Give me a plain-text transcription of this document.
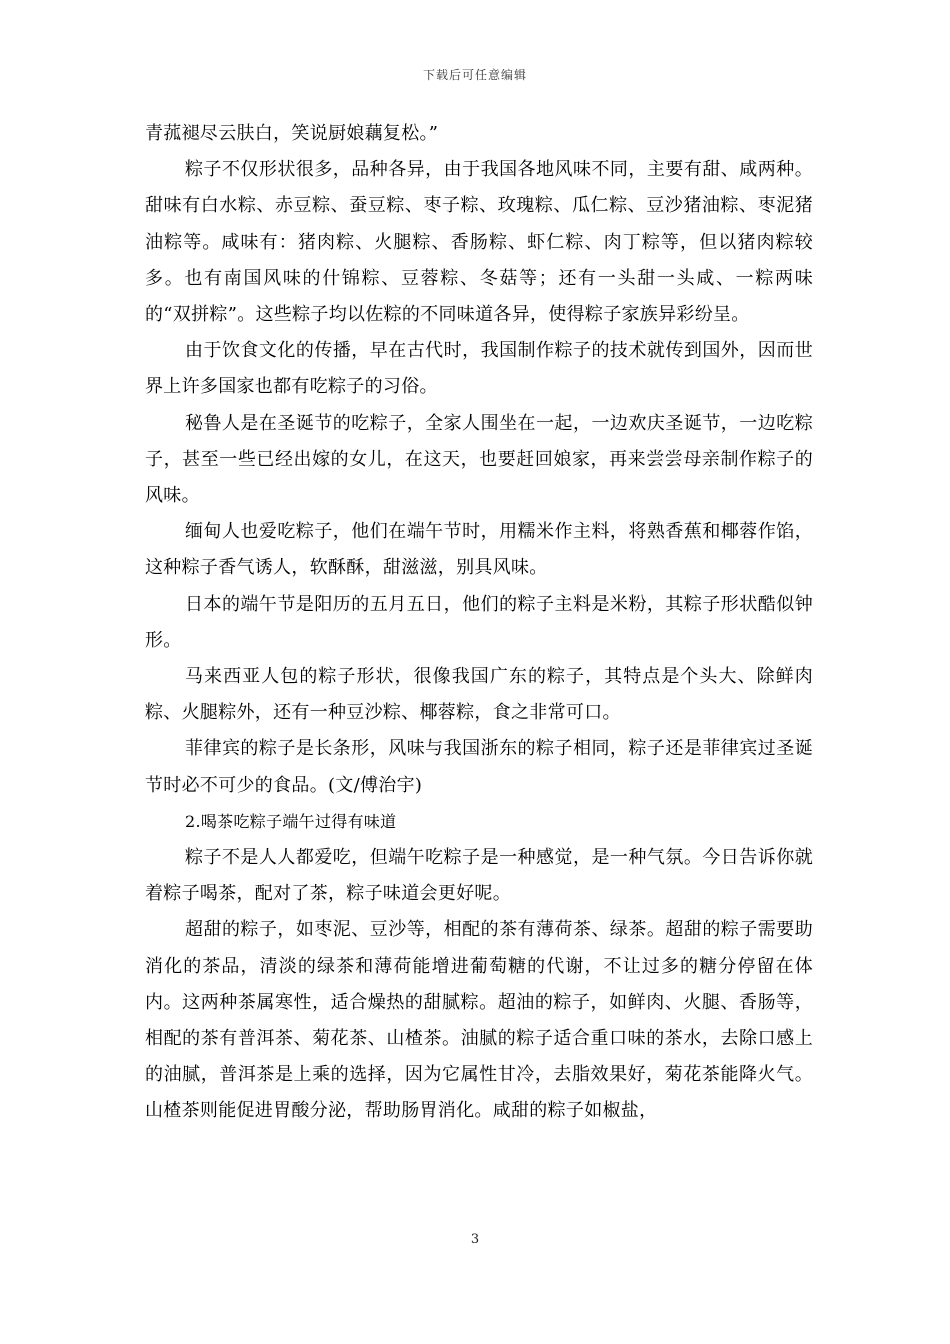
下载后可任意编辑

青菰褪尽云肤白，笑说厨娘藕复松。”

粽子不仅形状很多，品种各异，由于我国各地风味不同，主要有甜、咸两种。甜味有白水粽、赤豆粽、蚕豆粽、枣子粽、玫瑰粽、瓜仁粽、豆沙猪油粽、枣泥猪油粽等。咸味有：猪肉粽、火腿粽、香肠粽、虾仁粽、肉丁粽等，但以猪肉粽较多。也有南国风味的什锦粽、豆蓉粽、冬菇等；还有一头甜一头咸、一粽两味的“双拼粽”。这些粽子均以佐粽的不同味道各异，使得粽子家族异彩纷呈。

由于饮食文化的传播，早在古代时，我国制作粽子的技术就传到国外，因而世界上许多国家也都有吃粽子的习俗。

秘鲁人是在圣诞节的吃粽子，全家人围坐在一起，一边欢庆圣诞节，一边吃粽子，甚至一些已经出嫁的女儿，在这天，也要赶回娘家，再来尝尝母亲制作粽子的风味。

缅甸人也爱吃粽子，他们在端午节时，用糯米作主料，将熟香蕉和椰蓉作馅，这种粽子香气诱人，软酥酥，甜滋滋，别具风味。

日本的端午节是阳历的五月五日，他们的粽子主料是米粉，其粽子形状酷似钟形。

马来西亚人包的粽子形状，很像我国广东的粽子，其特点是个头大、除鲜肉粽、火腿粽外，还有一种豆沙粽、椰蓉粽，食之非常可口。

菲律宾的粽子是长条形，风味与我国浙东的粽子相同，粽子还是菲律宾过圣诞节时必不可少的食品。(文/傅治宇)

2.喝茶吃粽子端午过得有味道

粽子不是人人都爱吃，但端午吃粽子是一种感觉，是一种气氛。今日告诉你就着粽子喝茶，配对了茶，粽子味道会更好呢。

超甜的粽子，如枣泥、豆沙等，相配的茶有薄荷茶、绿茶。超甜的粽子需要助消化的茶品，清淡的绿茶和薄荷能增进葡萄糖的代谢，不让过多的糖分停留在体内。这两种茶属寒性，适合燥热的甜腻粽。超油的粽子，如鲜肉、火腿、香肠等，相配的茶有普洱茶、菊花茶、山楂茶。油腻的粽子适合重口味的茶水，去除口感上的油腻，普洱茶是上乘的选择，因为它属性甘冷，去脂效果好，菊花茶能降火气。山楂茶则能促进胃酸分泌，帮助肠胃消化。咸甜的粽子如椒盐，

3
